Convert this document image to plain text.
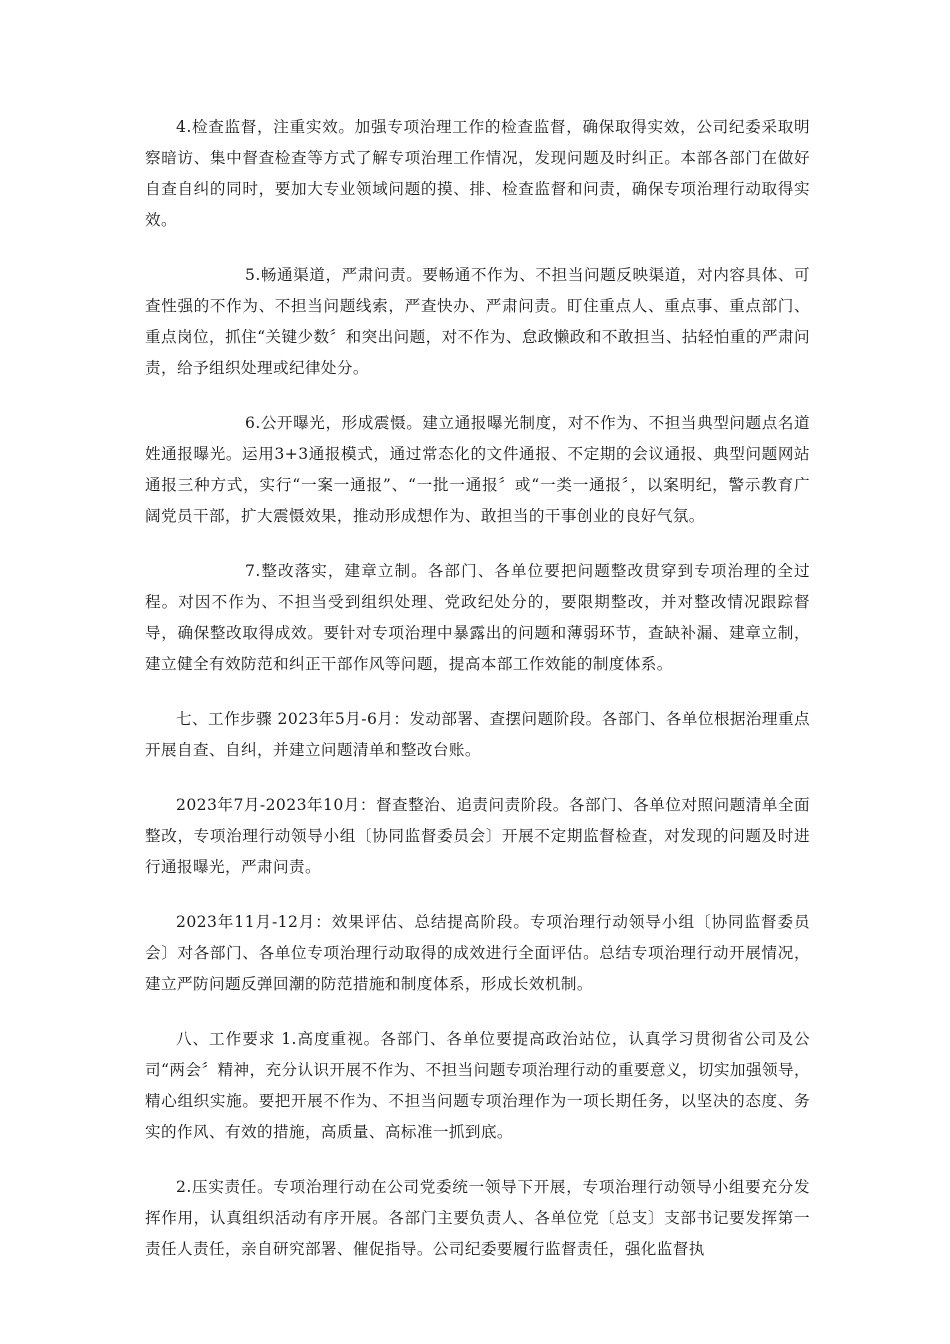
4.检查监督，注重实效。加强专项治理工作的检查监督，确保取得实效，公司纪委采取明察暗访、集中督查检查等方式了解专项治理工作情况，发现问题及时纠正。本部各部门在做好自查自纠的同时，要加大专业领域问题的摸、排、检查监督和问责，确保专项治理行动取得实效。

5.畅通渠道，严肃问责。要畅通不作为、不担当问题反映渠道，对内容具体、可查性强的不作为、不担当问题线索，严查快办、严肃问责。盯住重点人、重点事、重点部门、重点岗位，抓住“关键少数〞和突出问题，对不作为、怠政懒政和不敢担当、拈轻怕重的严肃问责，给予组织处理或纪律处分。

6.公开曝光，形成震慑。建立通报曝光制度，对不作为、不担当典型问题点名道姓通报曝光。运用3+3通报模式，通过常态化的文件通报、不定期的会议通报、典型问题网站通报三种方式，实行“一案一通报”、“一批一通报〞或“一类一通报〞，以案明纪，警示教育广阔党员干部，扩大震慑效果，推动形成想作为、敢担当的干事创业的良好气氛。

7.整改落实，建章立制。各部门、各单位要把问题整改贯穿到专项治理的全过程。对因不作为、不担当受到组织处理、党政纪处分的，要限期整改，并对整改情况跟踪督导，确保整改取得成效。要针对专项治理中暴露出的问题和薄弱环节，查缺补漏、建章立制，建立健全有效防范和纠正干部作风等问题，提高本部工作效能的制度体系。

七、工作步骤 2023年5月-6月：发动部署、查摆问题阶段。各部门、各单位根据治理重点开展自查、自纠，并建立问题清单和整改台账。

2023年7月-2023年10月：督查整治、追责问责阶段。各部门、各单位对照问题清单全面整改，专项治理行动领导小组〔协同监督委员会〕开展不定期监督检查，对发现的问题及时进行通报曝光，严肃问责。

2023年11月-12月：效果评估、总结提高阶段。专项治理行动领导小组〔协同监督委员会〕对各部门、各单位专项治理行动取得的成效进行全面评估。总结专项治理行动开展情况，建立严防问题反弹回潮的防范措施和制度体系，形成长效机制。

八、工作要求 1.高度重视。各部门、各单位要提高政治站位，认真学习贯彻省公司及公司“两会〞精神，充分认识开展不作为、不担当问题专项治理行动的重要意义，切实加强领导，精心组织实施。要把开展不作为、不担当问题专项治理作为一项长期任务，以坚决的态度、务实的作风、有效的措施，高质量、高标准一抓到底。

2.压实责任。专项治理行动在公司党委统一领导下开展，专项治理行动领导小组要充分发挥作用，认真组织活动有序开展。各部门主要负责人、各单位党〔总支〕支部书记要发挥第一责任人责任，亲自研究部署、催促指导。公司纪委要履行监督责任，强化监督执
